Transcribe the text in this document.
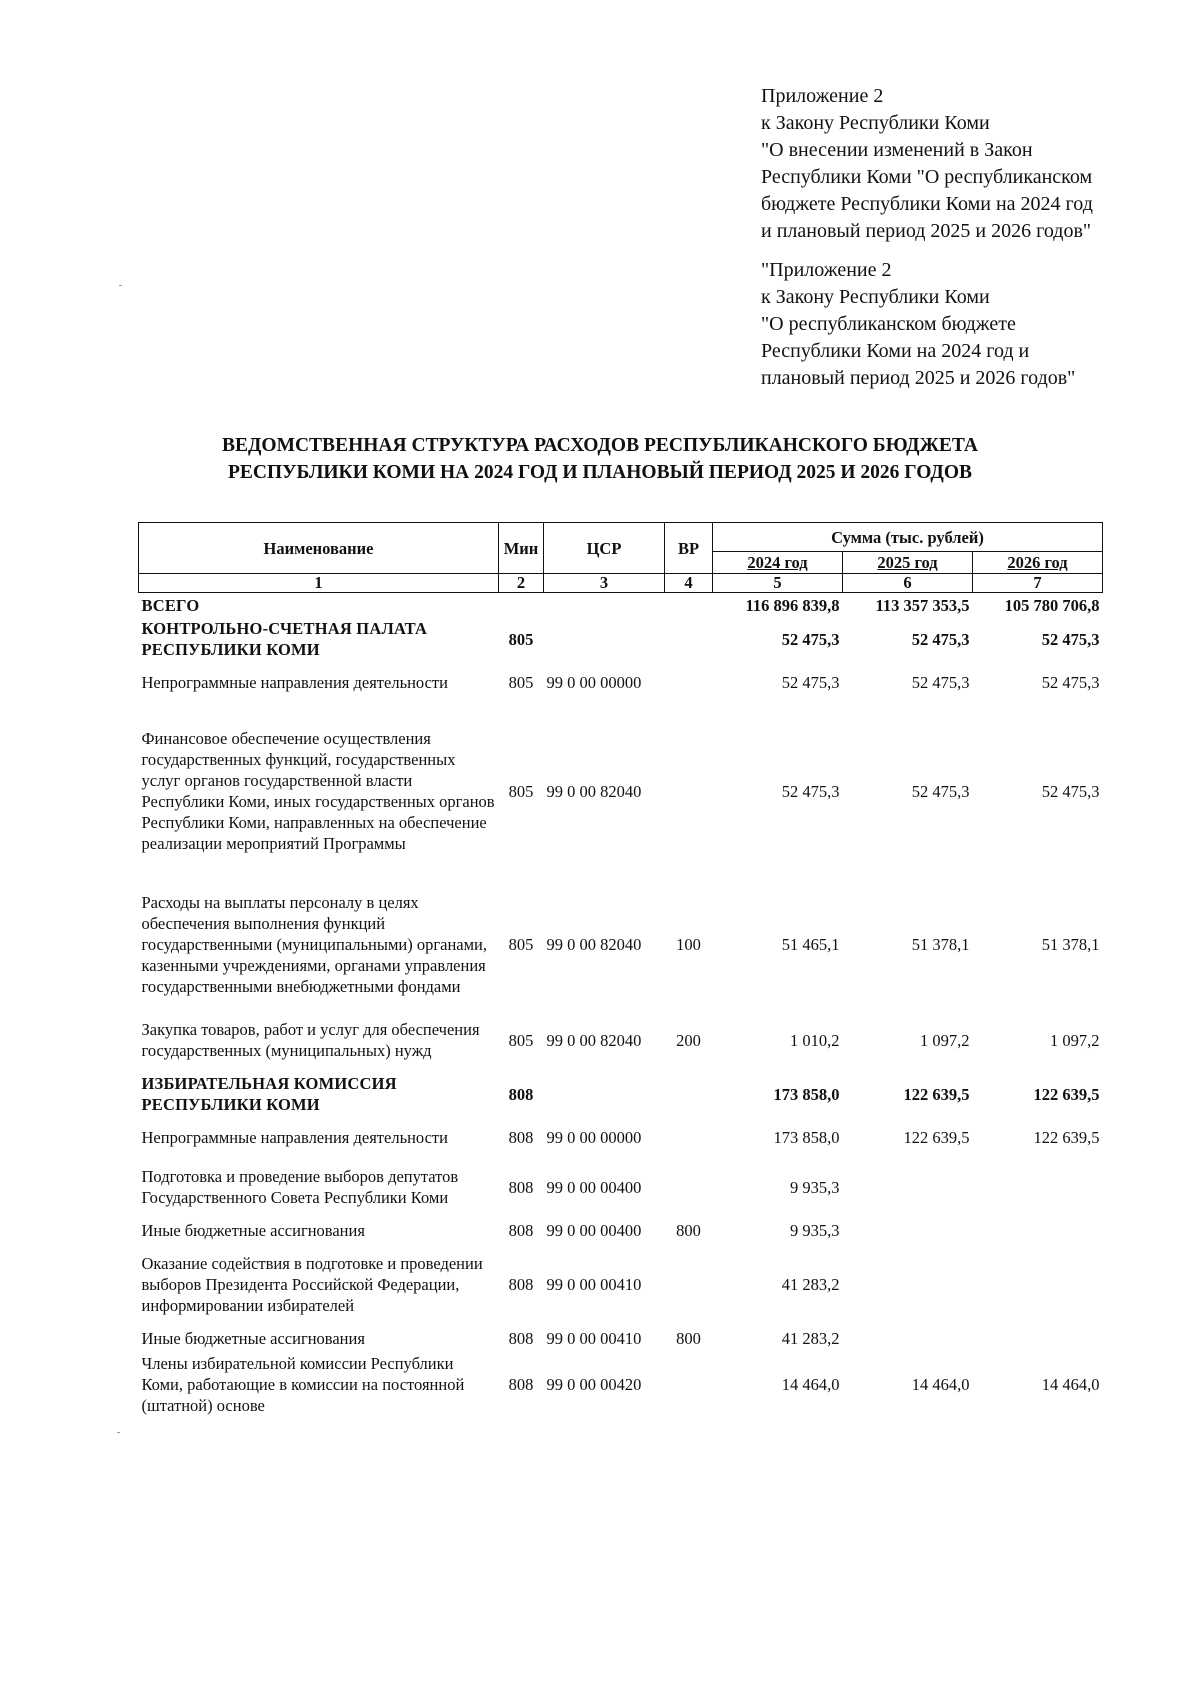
Приложение 2
к Закону Республики Коми
"О внесении изменений в Закон
Республики Коми "О республиканском
бюджете Республики Коми на 2024 год
и плановый период 2025 и 2026 годов"
"Приложение 2
к Закону Республики Коми
"О республиканском бюджете
Республики Коми на 2024 год и
плановый период 2025 и 2026 годов"
ВЕДОМСТВЕННАЯ СТРУКТУРА РАСХОДОВ РЕСПУБЛИКАНСКОГО БЮДЖЕТА
РЕСПУБЛИКИ КОМИ НА 2024 ГОД И ПЛАНОВЫЙ ПЕРИОД 2025 И 2026 ГОДОВ
Наименование	Мин	ЦСР	ВР	Сумма (тыс. рублей)		
				2024 год	2025 год	2026 год
1	2	3	4	5	6	7
ВСЕГО				116 896 839,8	113 357 353,5	105 780 706,8
КОНТРОЛЬНО-СЧЕТНАЯ ПАЛАТА РЕСПУБЛИКИ КОМИ	805			52 475,3	52 475,3	52 475,3
Непрограммные направления деятельности	805	99 0 00 00000		52 475,3	52 475,3	52 475,3
Финансовое обеспечение осуществления государственных функций, государственных услуг органов государственной власти Республики Коми, иных государственных органов Республики Коми, направленных на обеспечение реализации мероприятий Программы	805	99 0 00 82040		52 475,3	52 475,3	52 475,3
Расходы на выплаты персоналу в целях обеспечения выполнения функций государственными (муниципальными) органами, казенными учреждениями, органами управления государственными внебюджетными фондами	805	99 0 00 82040	100	51 465,1	51 378,1	51 378,1
Закупка товаров, работ и услуг для обеспечения государственных (муниципальных) нужд	805	99 0 00 82040	200	1 010,2	1 097,2	1 097,2
ИЗБИРАТЕЛЬНАЯ КОМИССИЯ РЕСПУБЛИКИ КОМИ	808			173 858,0	122 639,5	122 639,5
Непрограммные направления деятельности	808	99 0 00 00000		173 858,0	122 639,5	122 639,5
Подготовка и проведение выборов депутатов Государственного Совета Республики Коми	808	99 0 00 00400		9 935,3		
Иные бюджетные ассигнования	808	99 0 00 00400	800	9 935,3		
Оказание содействия в подготовке и проведении выборов Президента Российской Федерации, информировании избирателей	808	99 0 00 00410		41 283,2		
Иные бюджетные ассигнования	808	99 0 00 00410	800	41 283,2		
Члены избирательной комиссии Республики Коми, работающие в комиссии на постоянной (штатной) основе	808	99 0 00 00420		14 464,0	14 464,0	14 464,0
